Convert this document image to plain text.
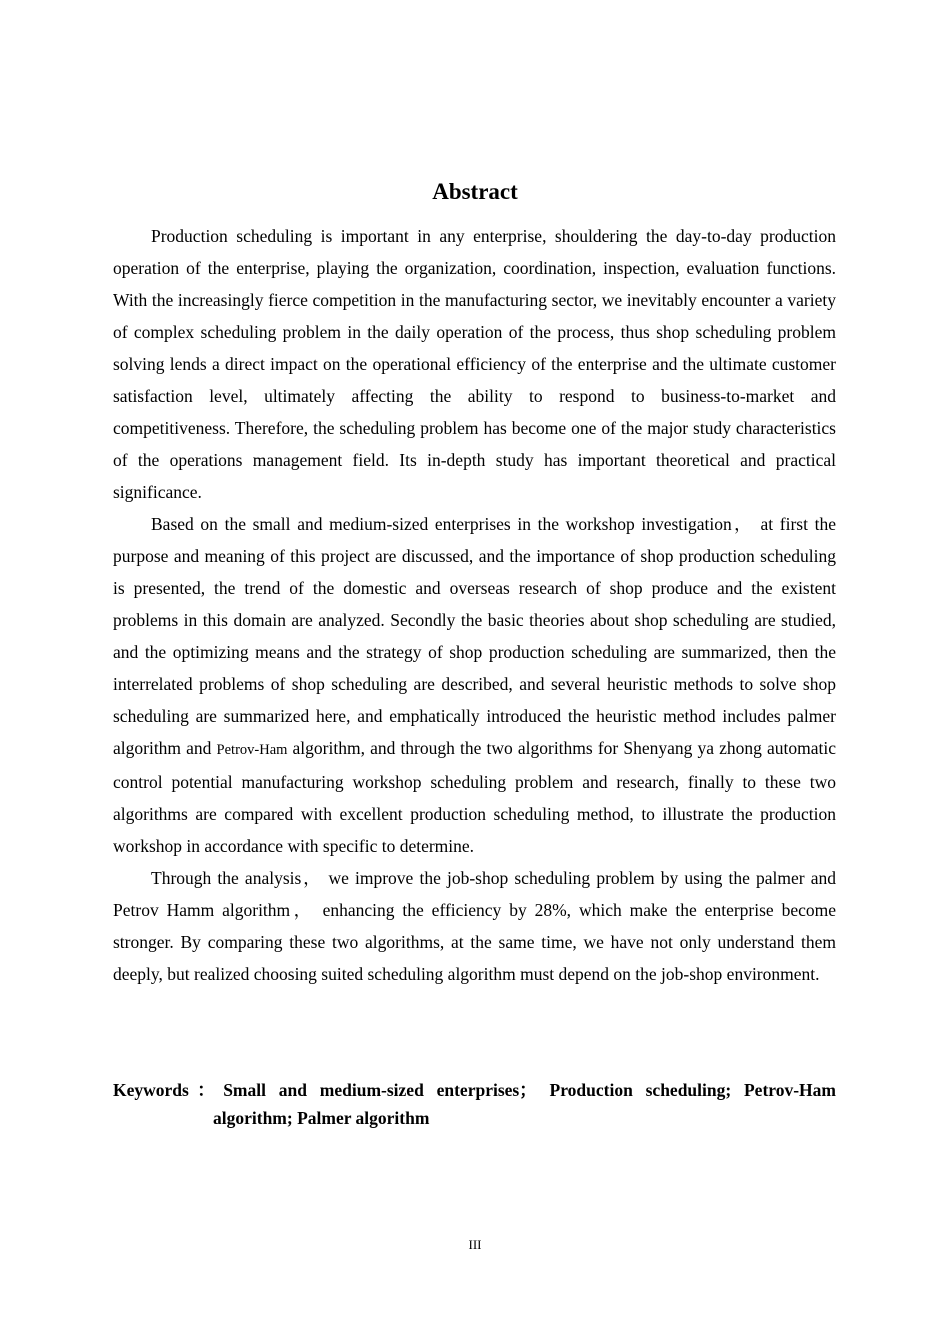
Abstract

Production scheduling is important in any enterprise, shouldering the day-to-day production operation of the enterprise, playing the organization, coordination, inspection, evaluation functions. With the increasingly fierce competition in the manufacturing sector, we inevitably encounter a variety of complex scheduling problem in the daily operation of the process, thus shop scheduling problem solving lends a direct impact on the operational efficiency of the enterprise and the ultimate customer satisfaction level, ultimately affecting the ability to respond to business-to-market and competitiveness. Therefore, the scheduling problem has become one of the major study characteristics of the operations management field. Its in-depth study has important theoretical and practical significance.

Based on the small and medium-sized enterprises in the workshop investigation， at first the purpose and meaning of this project are discussed, and the importance of shop production scheduling is presented, the trend of the domestic and overseas research of shop produce and the existent problems in this domain are analyzed. Secondly the basic theories about shop scheduling are studied, and the optimizing means and the strategy of shop production scheduling are summarized, then the interrelated problems of shop scheduling are described, and several heuristic methods to solve shop scheduling are summarized here, and emphatically introduced the heuristic method includes palmer algorithm and Petrov-Ham algorithm, and through the two algorithms for Shenyang ya zhong automatic control potential manufacturing workshop scheduling problem and research, finally to these two algorithms are compared with excellent production scheduling method, to illustrate the production workshop in accordance with specific to determine.

Through the analysis， we improve the job-shop scheduling problem by using the palmer and Petrov Hamm algorithm， enhancing the efficiency by 28%, which make the enterprise become stronger. By comparing these two algorithms, at the same time, we have not only understand them deeply, but realized choosing suited scheduling algorithm must depend on the job-shop environment.

Keywords：Small and medium-sized enterprises； Production scheduling; Petrov-Ham algorithm; Palmer algorithm
III
